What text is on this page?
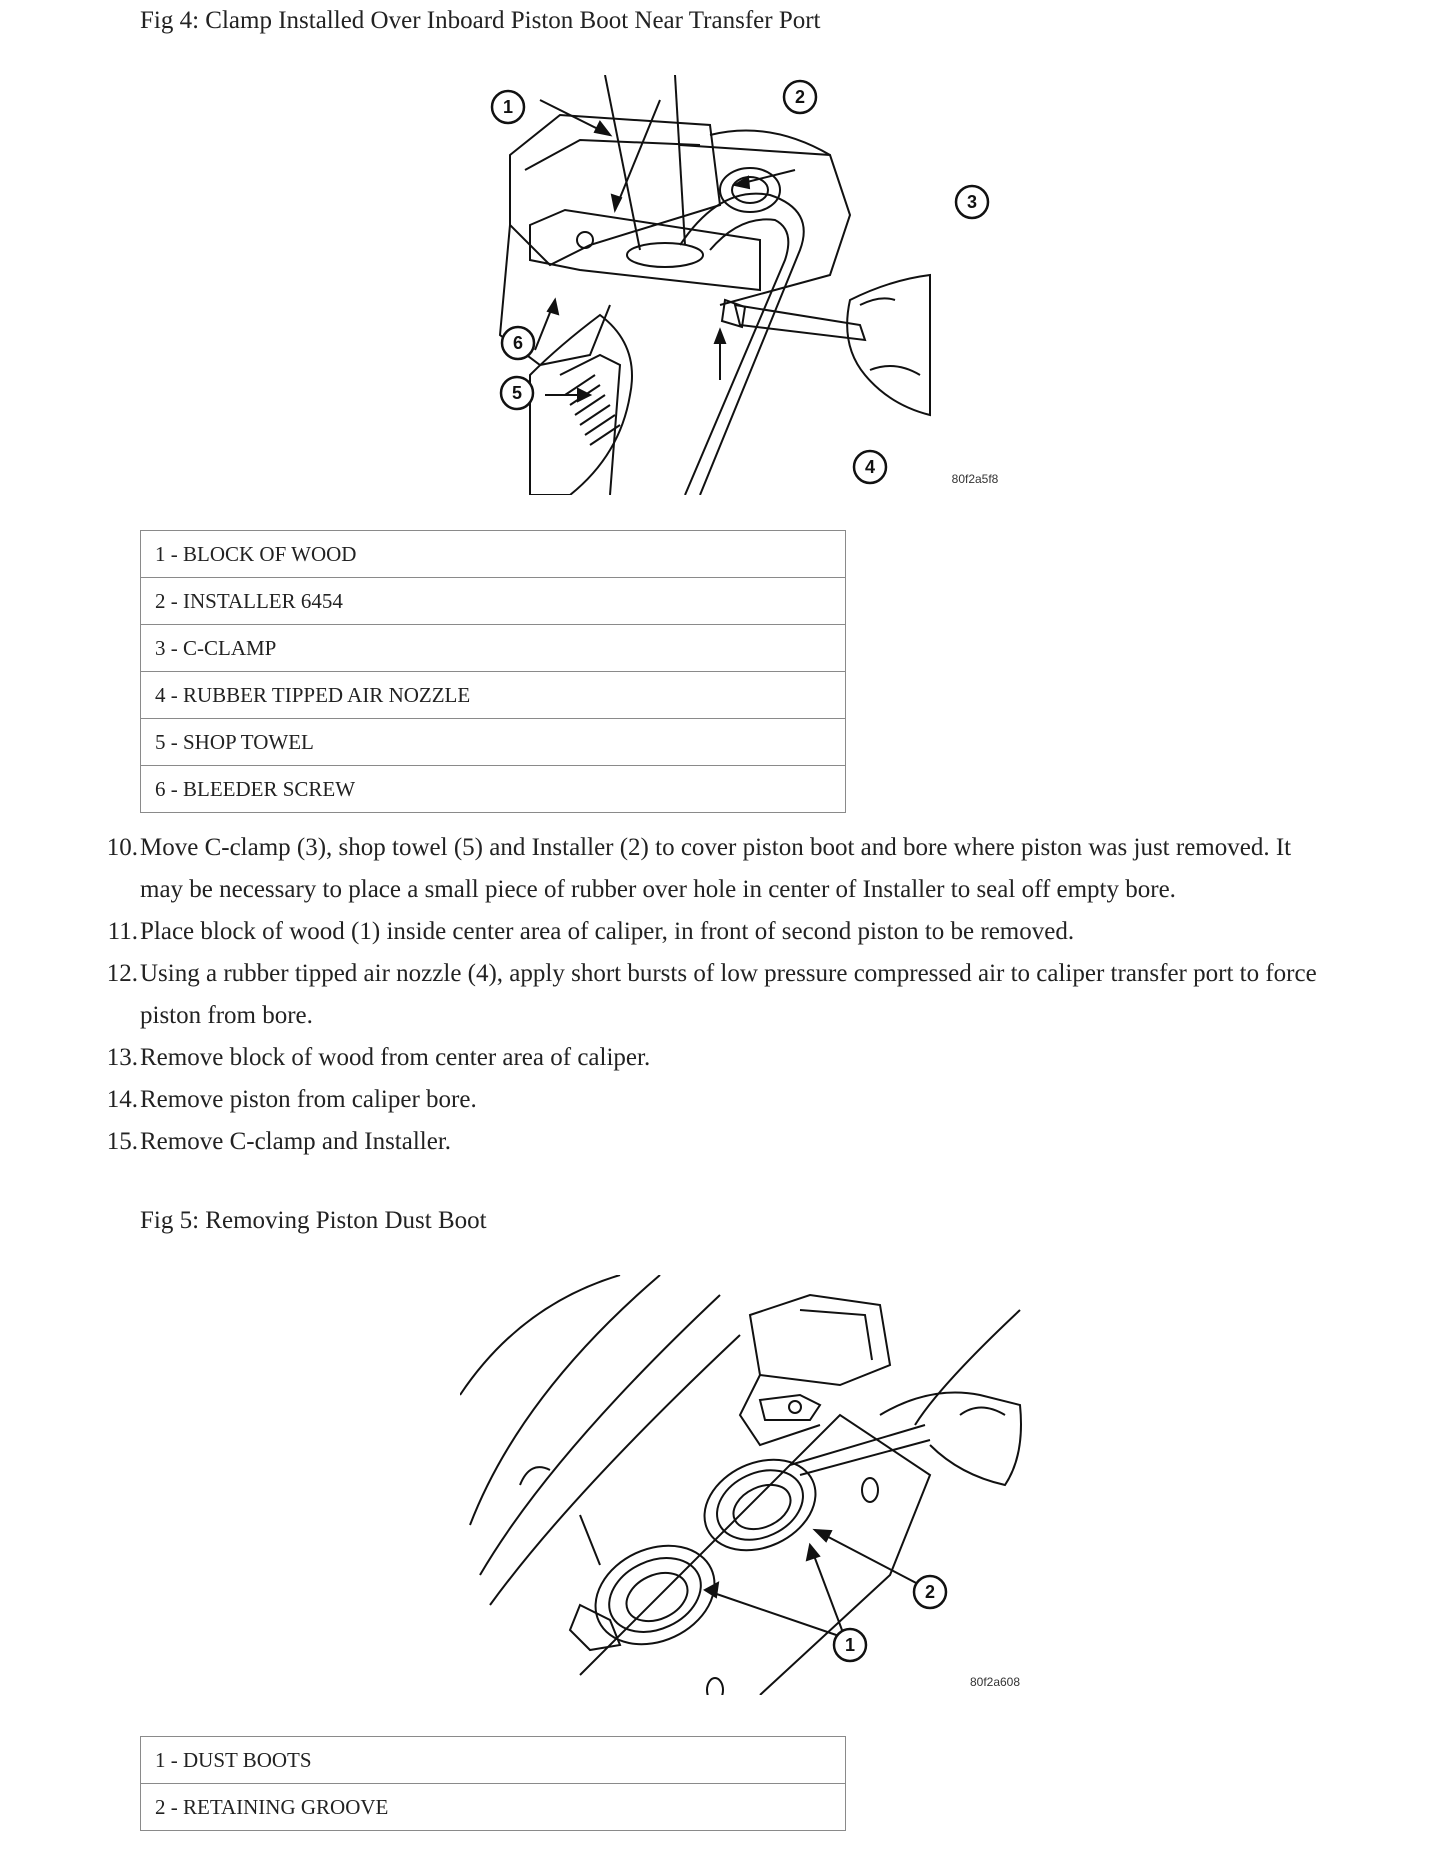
Fig 4: Clamp Installed Over Inboard Piston Boot Near Transfer Port
1	2
3
4
6
5
80f2a5f8
1 - BLOCK OF WOOD
2 - INSTALLER 6454
3 - C-CLAMP
4 - RUBBER TIPPED AIR NOZZLE
5 - SHOP TOWEL
6 - BLEEDER SCREW
10. Move C-clamp (3), shop towel (5) and Installer (2) to cover piston boot and bore where piston was just removed. It may be necessary to place a small piece of rubber over hole in center of Installer to seal off empty bore.
11. Place block of wood (1) inside center area of caliper, in front of second piston to be removed.
12. Using a rubber tipped air nozzle (4), apply short bursts of low pressure compressed air to caliper transfer port to force piston from bore.
13. Remove block of wood from center area of caliper.
14. Remove piston from caliper bore.
15. Remove C-clamp and Installer.
Fig 5: Removing Piston Dust Boot
1
2
80f2a608
1 - DUST BOOTS
2 - RETAINING GROOVE
